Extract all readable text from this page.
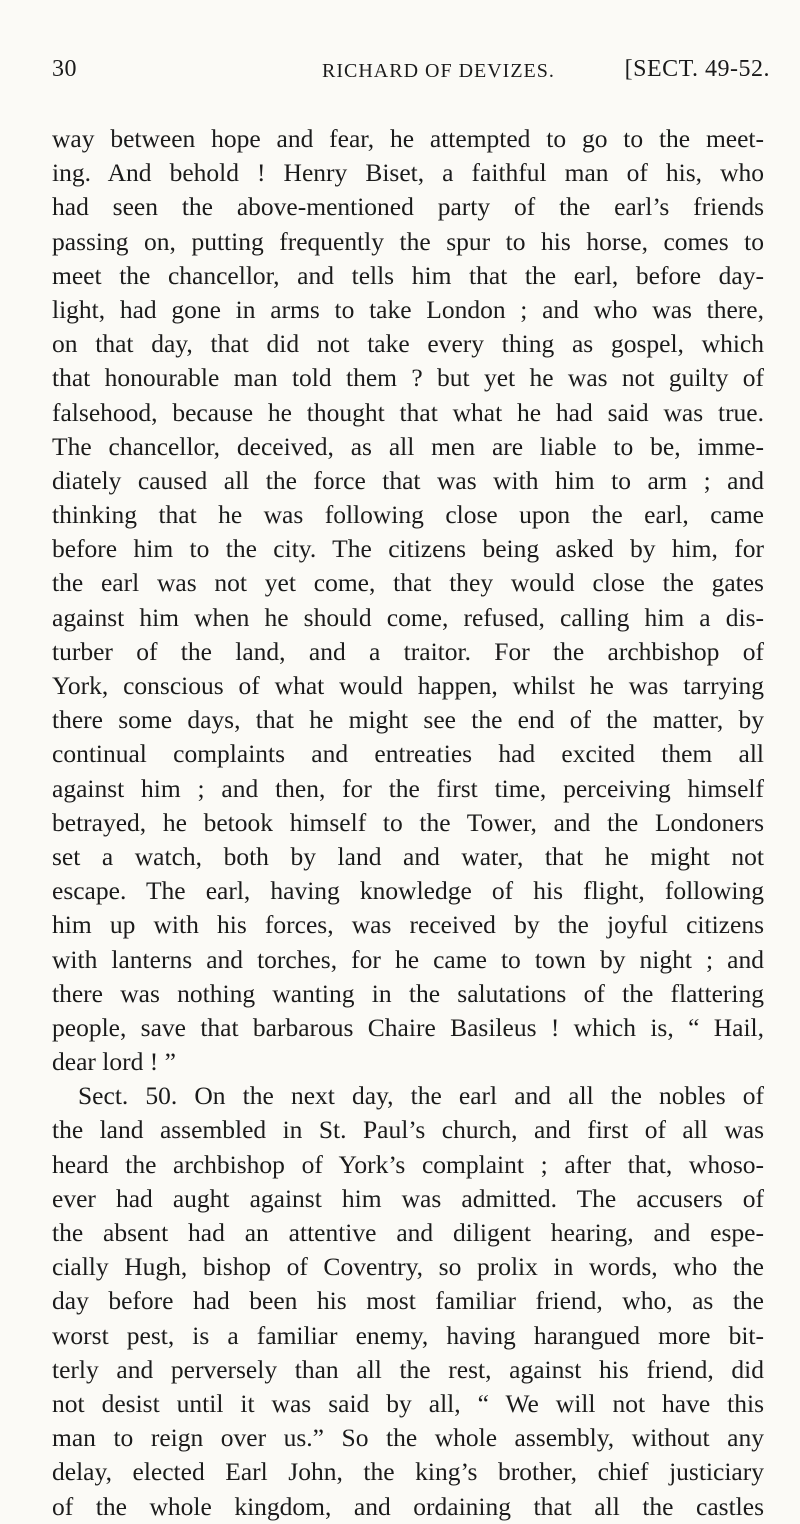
30	RICHARD OF DEVIZES.	[SECT. 49-52.
way between hope and fear, he attempted to go to the meet-
ing. And behold ! Henry Biset, a faithful man of his, who
had seen the above-mentioned party of the earl’s friends
passing on, putting frequently the spur to his horse, comes to
meet the chancellor, and tells him that the earl, before day-
light, had gone in arms to take London ; and who was there,
on that day, that did not take every thing as gospel, which
that honourable man told them ? but yet he was not guilty of
falsehood, because he thought that what he had said was true.
The chancellor, deceived, as all men are liable to be, imme-
diately caused all the force that was with him to arm ; and
thinking that he was following close upon the earl, came
before him to the city. The citizens being asked by him, for
the earl was not yet come, that they would close the gates
against him when he should come, refused, calling him a dis-
turber of the land, and a traitor. For the archbishop of
York, conscious of what would happen, whilst he was tarrying
there some days, that he might see the end of the matter, by
continual complaints and entreaties had excited them all
against him ; and then, for the first time, perceiving himself
betrayed, he betook himself to the Tower, and the Londoners
set a watch, both by land and water, that he might not
escape. The earl, having knowledge of his flight, following
him up with his forces, was received by the joyful citizens
with lanterns and torches, for he came to town by night ; and
there was nothing wanting in the salutations of the flattering
people, save that barbarous Chaire Basileus ! which is, “ Hail,
dear lord ! ”
Sect. 50. On the next day, the earl and all the nobles of
the land assembled in St. Paul’s church, and first of all was
heard the archbishop of York’s complaint ; after that, whoso-
ever had aught against him was admitted. The accusers of
the absent had an attentive and diligent hearing, and espe-
cially Hugh, bishop of Coventry, so prolix in words, who the
day before had been his most familiar friend, who, as the
worst pest, is a familiar enemy, having harangued more bit-
terly and perversely than all the rest, against his friend, did
not desist until it was said by all, “ We will not have this
man to reign over us.” So the whole assembly, without any
delay, elected Earl John, the king’s brother, chief justiciary
of the whole kingdom, and ordaining that all the castles
